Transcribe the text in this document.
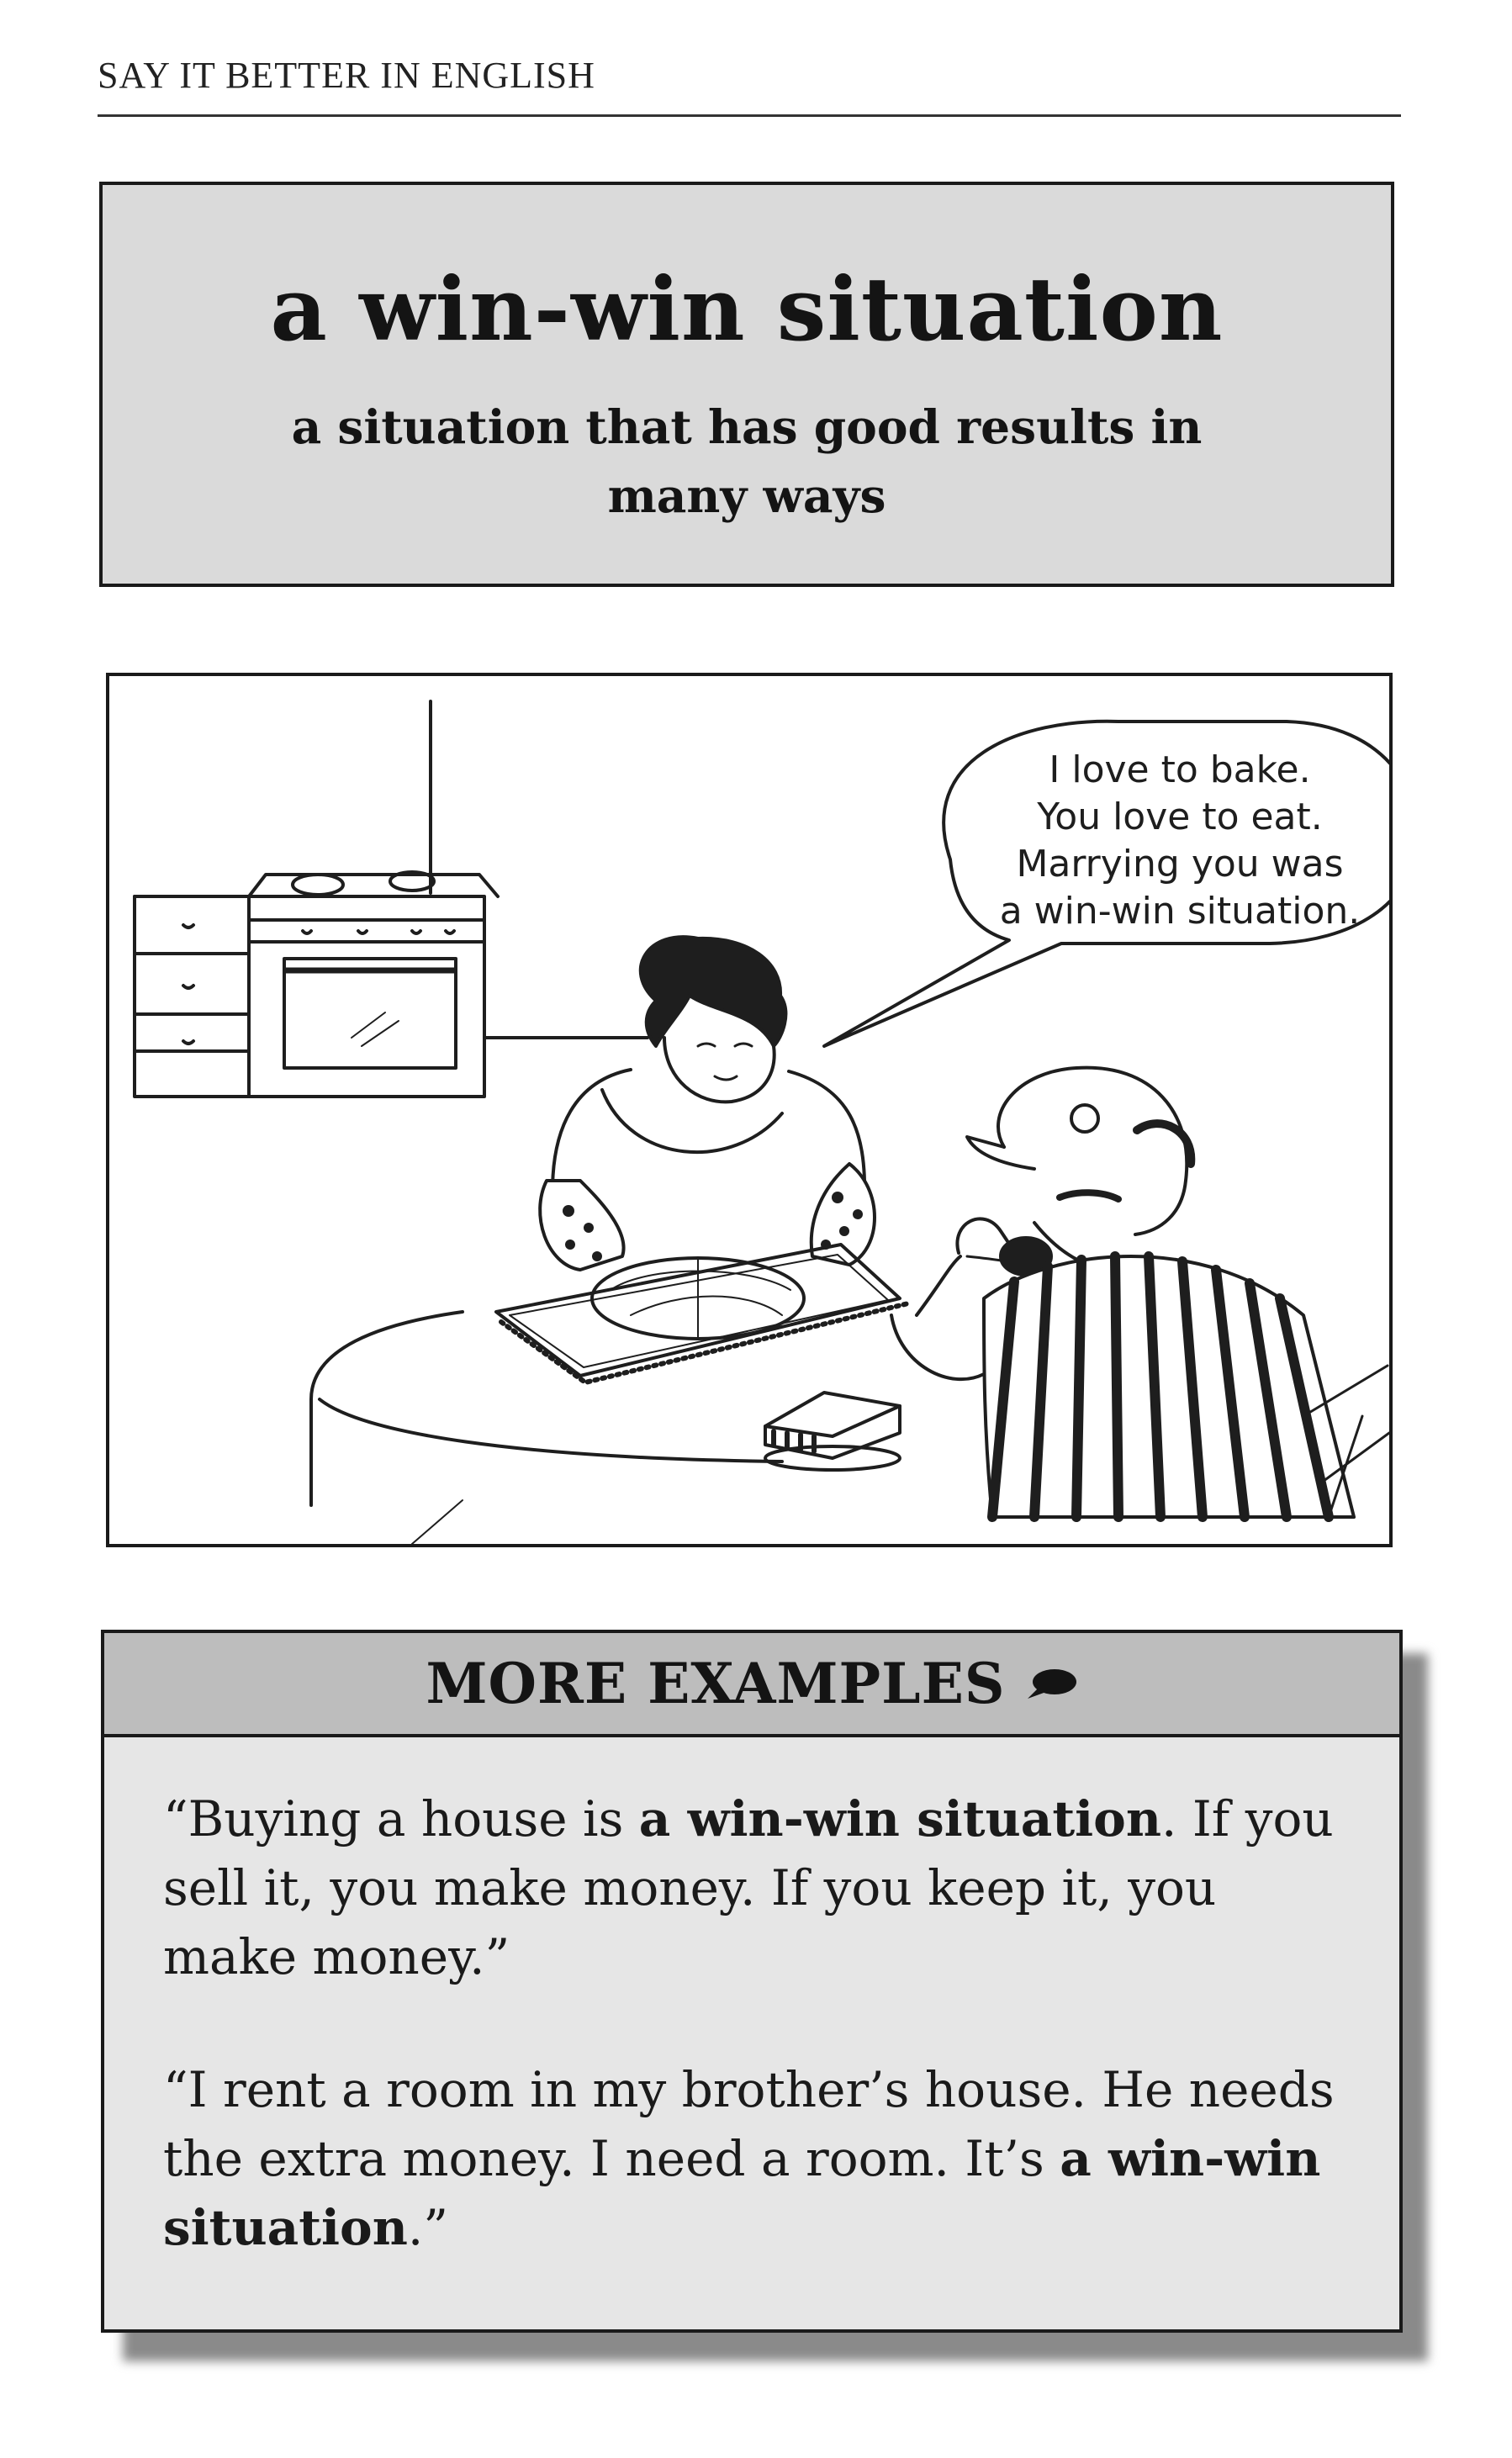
SAY IT BETTER IN ENGLISH
a win-win situation
a situation that has good results in many ways
I love to bake.
You love to eat.
Marrying you was
a win-win situation.
MORE EXAMPLES
“Buying a house is a win-win situation. If you sell it, you make money. If you keep it, you make money.”
“I rent a room in my brother’s house. He needs the extra money. I need a room. It’s a win-win situation.”
